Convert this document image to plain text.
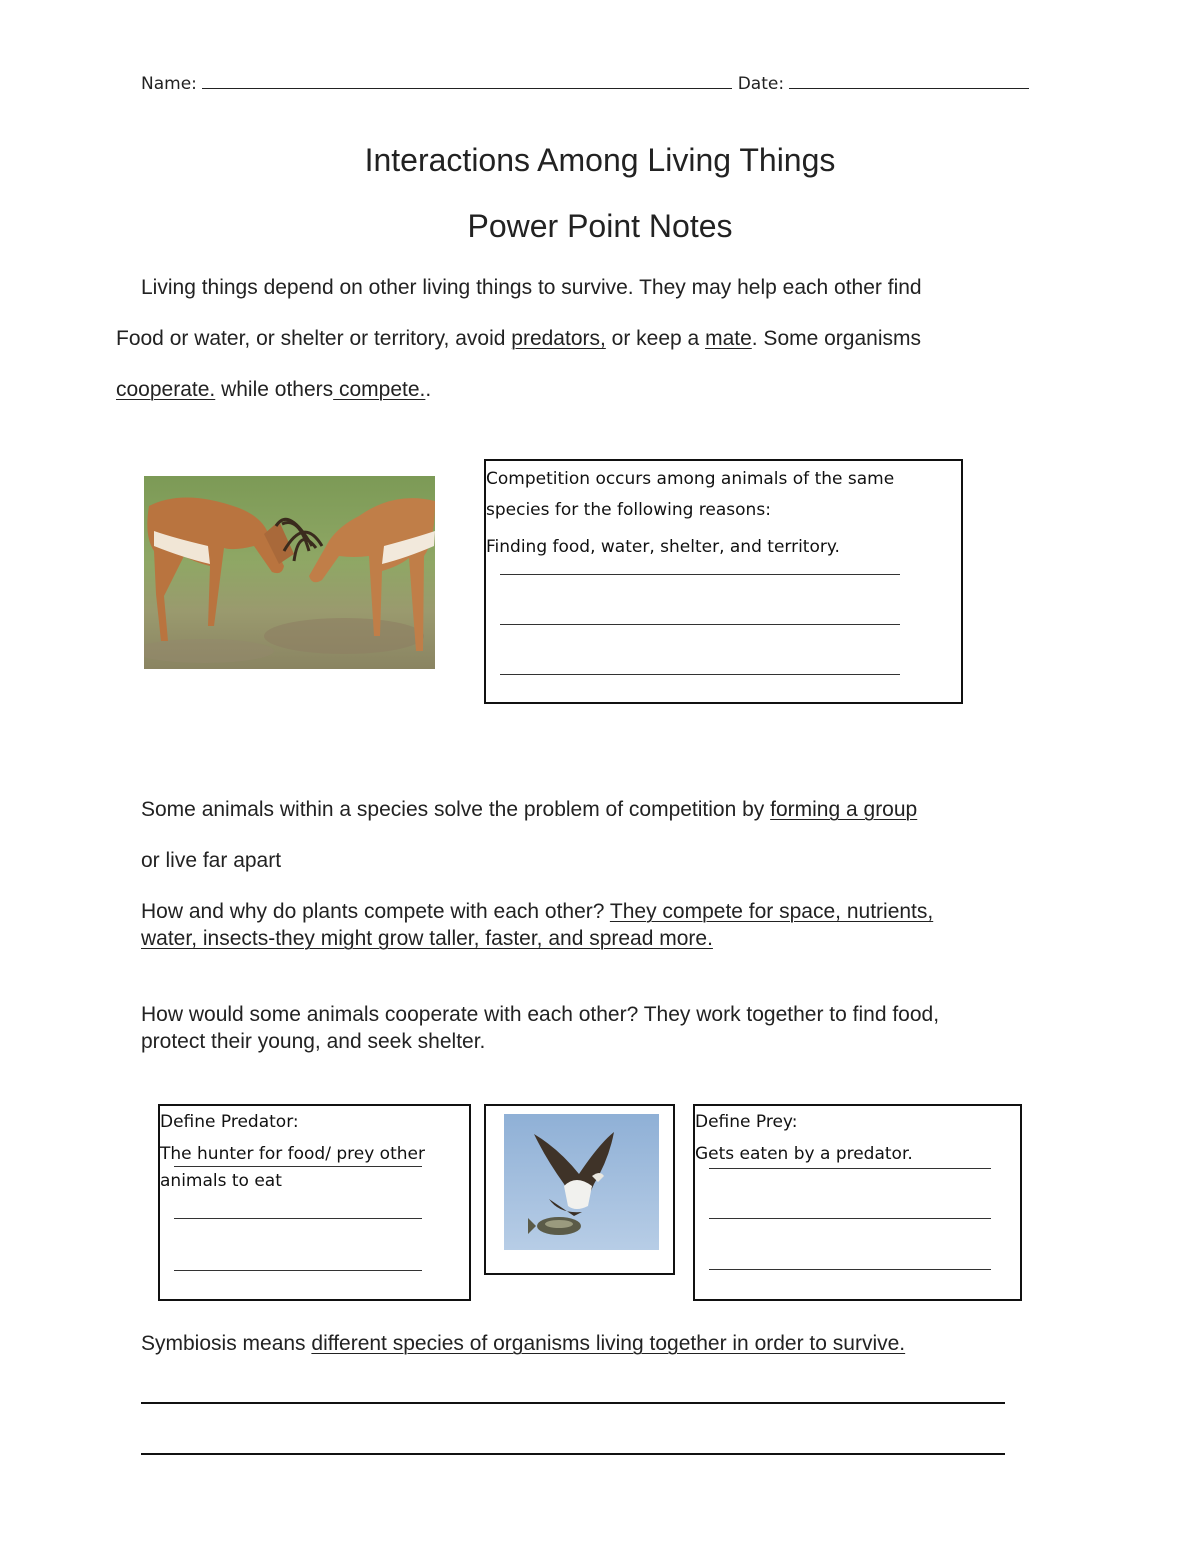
Name:	Date:
Interactions Among Living Things
Power Point Notes
Living things depend on other living things to survive. They may help each other find
Food or water, or shelter or territory, avoid predators, or keep a mate. Some organisms
cooperate. while others compete..
Competition occurs among animals of the same
species for the following reasons:
Finding food, water, shelter, and territory.
Some animals within a species solve the problem of competition by forming a group
or live far apart
How and why do plants compete with each other? They compete for space, nutrients,
water, insects-they might grow taller, faster, and spread more.
How would some animals cooperate with each other? They work together to find food,
protect their young, and seek shelter.
Define Predator:
The hunter for food/ prey other
animals to eat
Define Prey:
Gets eaten by a predator.
Symbiosis means different species of organisms living together in order to survive.
